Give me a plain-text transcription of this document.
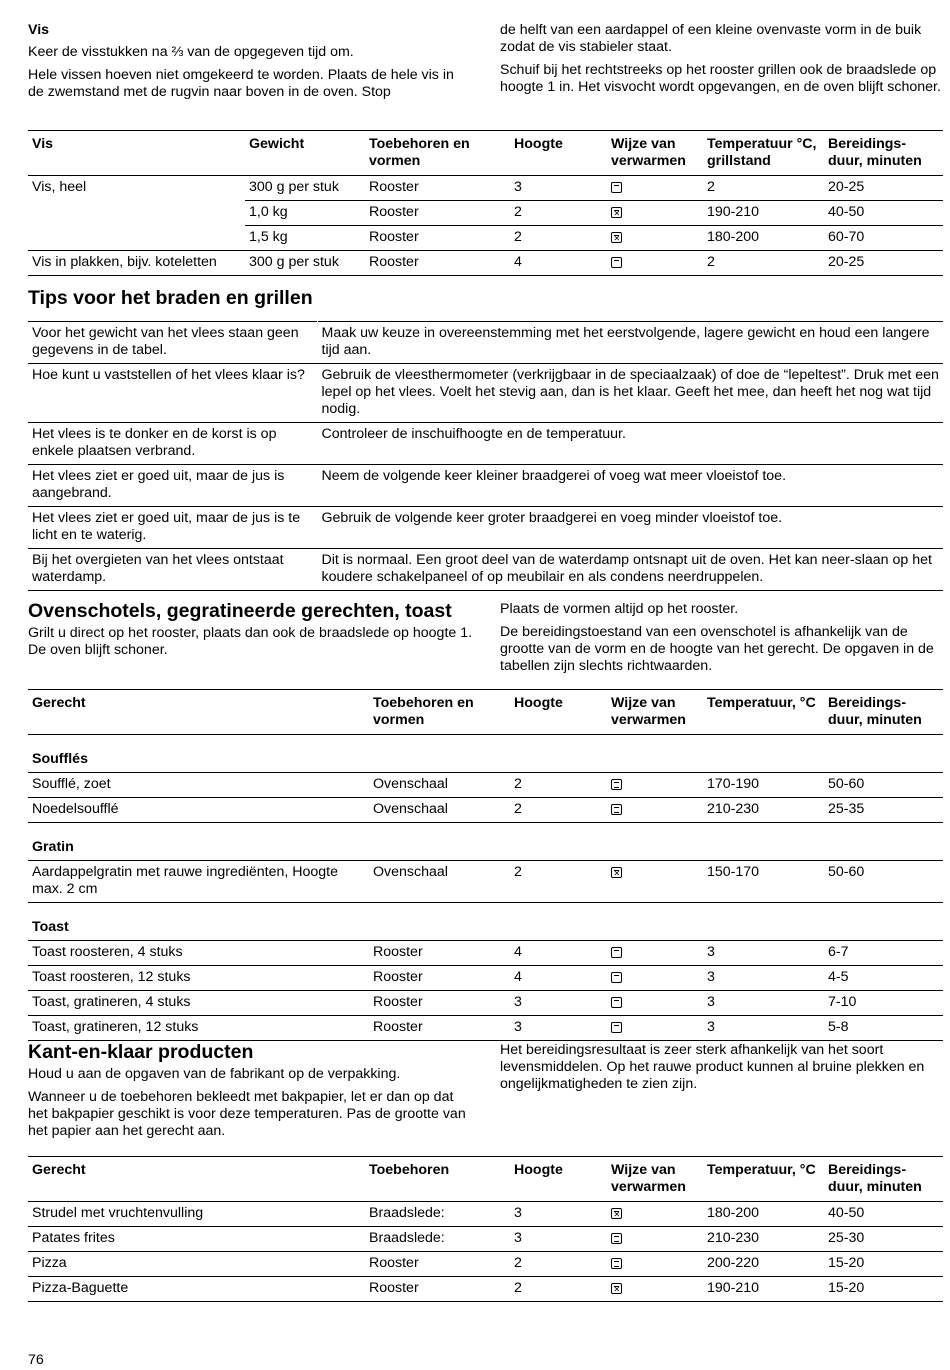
Vis

Keer de visstukken na ⅔ van de opgegeven tijd om.

Hele vissen hoeven niet omgekeerd te worden. Plaats de hele vis in de zwemstand met de rugvin naar boven in de oven. Stop

de helft van een aardappel of een kleine ovenvaste vorm in de buik zodat de vis stabieler staat.

Schuif bij het rechtstreeks op het rooster grillen ook de braadslede op hoogte 1 in. Het visvocht wordt opgevangen, en de oven blijft schoner.

Vis	Gewicht	Toebehoren en vormen	Hoogte	Wijze van verwarmen	Temperatuur °C, grillstand	Bereidings-duur, minuten
Vis, heel	300 g per stuk	Rooster	3		2	20-25
	1,0 kg	Rooster	2	✕	190-210	40-50
	1,5 kg	Rooster	2	✕	180-200	60-70
Vis in plakken, bijv. koteletten	300 g per stuk	Rooster	4		2	20-25
Tips voor het braden en grillen
Voor het gewicht van het vlees staan geen gegevens in de tabel.	Maak uw keuze in overeenstemming met het eerstvolgende, lagere gewicht en houd een langere tijd aan.
Hoe kunt u vaststellen of het vlees klaar is?	Gebruik de vleesthermometer (verkrijgbaar in de speciaalzaak) of doe de “lepeltest”. Druk met een lepel op het vlees. Voelt het stevig aan, dan is het klaar. Geeft het mee, dan heeft het nog wat tijd nodig.
Het vlees is te donker en de korst is op enkele plaatsen verbrand.	Controleer de inschuifhoogte en de temperatuur.
Het vlees ziet er goed uit, maar de jus is aangebrand.	Neem de volgende keer kleiner braadgerei of voeg wat meer vloeistof toe.
Het vlees ziet er goed uit, maar de jus is te licht en te waterig.	Gebruik de volgende keer groter braadgerei en voeg minder vloeistof toe.
Bij het overgieten van het vlees ontstaat waterdamp.	Dit is normaal. Een groot deel van de waterdamp ontsnapt uit de oven. Het kan neer-slaan op het koudere schakelpaneel of op meubilair en als condens neerdruppelen.
Ovenschotels, gegratineerde gerechten, toast

Grilt u direct op het rooster, plaats dan ook de braadslede op hoogte 1. De oven blijft schoner.

Plaats de vormen altijd op het rooster.

De bereidingstoestand van een ovenschotel is afhankelijk van de grootte van de vorm en de hoogte van het gerecht. De opgaven in de tabellen zijn slechts richtwaarden.

Gerecht	Toebehoren en vormen	Hoogte	Wijze van verwarmen	Temperatuur, °C	Bereidings-duur, minuten
Soufflés					
Soufflé, zoet	Ovenschaal	2		170-190	50-60
Noedelsoufflé	Ovenschaal	2		210-230	25-35
Gratin					
Aardappelgratin met rauwe ingrediënten, Hoogte max. 2 cm	Ovenschaal	2	✕	150-170	50-60
Toast					
Toast roosteren, 4 stuks	Rooster	4		3	6-7
Toast roosteren, 12 stuks	Rooster	4		3	4-5
Toast, gratineren, 4 stuks	Rooster	3		3	7-10
Toast, gratineren, 12 stuks	Rooster	3		3	5-8
Kant-en-klaar producten

Houd u aan de opgaven van de fabrikant op de verpakking.

Wanneer u de toebehoren bekleedt met bakpapier, let er dan op dat het bakpapier geschikt is voor deze temperaturen. Pas de grootte van het papier aan het gerecht aan.

Het bereidingsresultaat is zeer sterk afhankelijk van het soort levensmiddelen. Op het rauwe product kunnen al bruine plekken en ongelijkmatigheden te zien zijn.

Gerecht	Toebehoren	Hoogte	Wijze van verwarmen	Temperatuur, °C	Bereidings-duur, minuten
Strudel met vruchtenvulling	Braadslede:	3	✕	180-200	40-50
Patates frites	Braadslede:	3		210-230	25-30
Pizza	Rooster	2		200-220	15-20
Pizza-Baguette	Rooster	2	✕	190-210	15-20
76
